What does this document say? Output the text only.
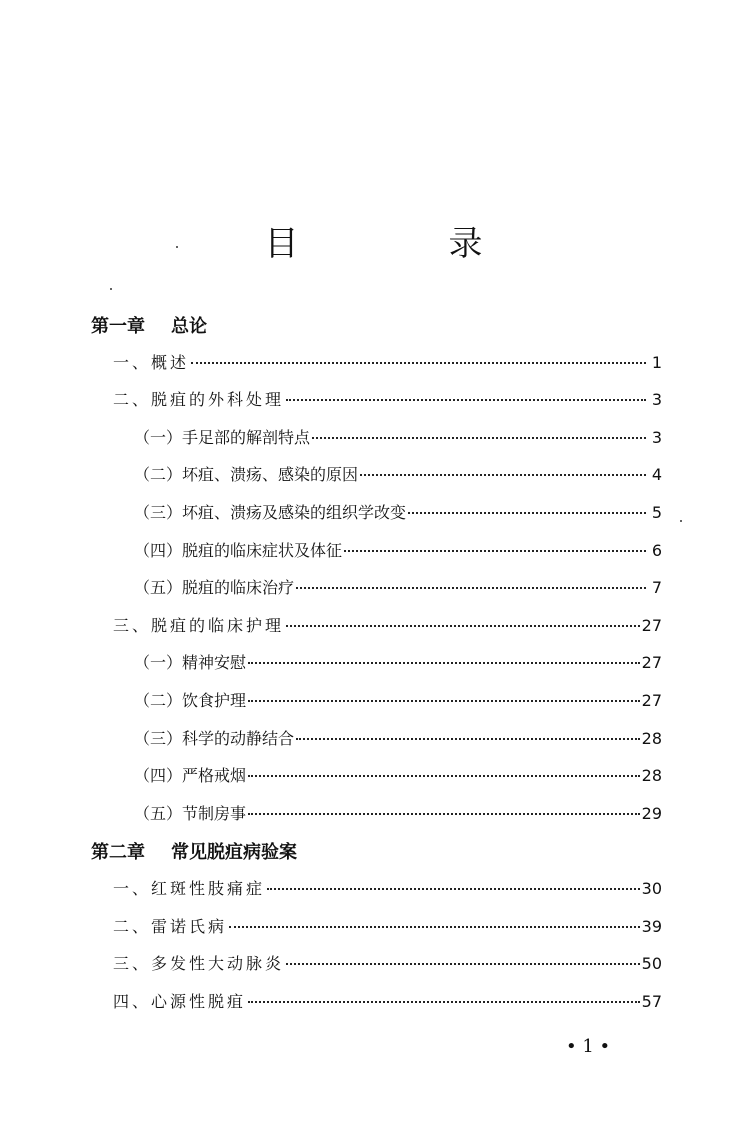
目　录
第一章 总论
一、概述	1
二、脱疽的外科处理	3
（一）手足部的解剖特点	3
（二）坏疽、溃疡、感染的原因	4
（三）坏疽、溃疡及感染的组织学改变	5
（四）脱疽的临床症状及体征	6
（五）脱疽的临床治疗	7
三、脱疽的临床护理	27
（一）精神安慰	27
（二）饮食护理	27
（三）科学的动静结合	28
（四）严格戒烟	28
（五）节制房事	29
第二章 常见脱疽病验案
一、红斑性肢痛症	30
二、雷诺氏病	39
三、多发性大动脉炎	50
四、心源性脱疽	57
• 1 •
